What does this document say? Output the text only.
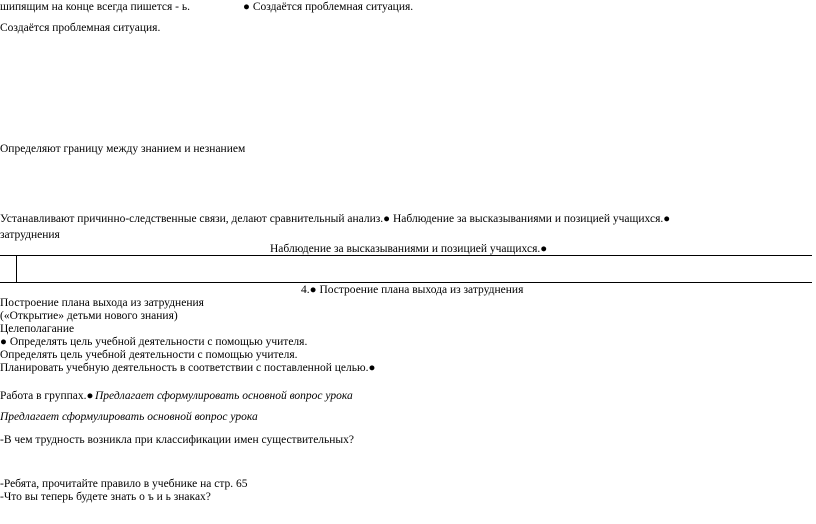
шипящим на конце всегда пишется - ь.	● Создаётся проблемная ситуация.
Создаётся проблемная ситуация.
Определяют границу между знанием и незнанием
Устанавливают причинно-следственные связи, делают сравнительный анализ.● Наблюдение за высказываниями и позицией учащихся.●
затруднения
Наблюдение за высказываниями и позицией учащихся.●
4.● Построение плана выхода из затруднения
Построение плана выхода из затруднения
(«Открытие» детьми нового знания)
Целеполагание
● Определять цель учебной деятельности с помощью учителя.
Определять цель учебной деятельности с помощью учителя.
Планировать учебную деятельность в соответствии с поставленной целью.●
Работа в группах.● Предлагает сформулировать основной вопрос урока
Предлагает сформулировать основной вопрос урока
-В чем трудность возникла при классификации имен существительных?
-Ребята, прочитайте правило в учебнике на стр. 65
-Что вы теперь будете знать о ъ и ь знаках?
